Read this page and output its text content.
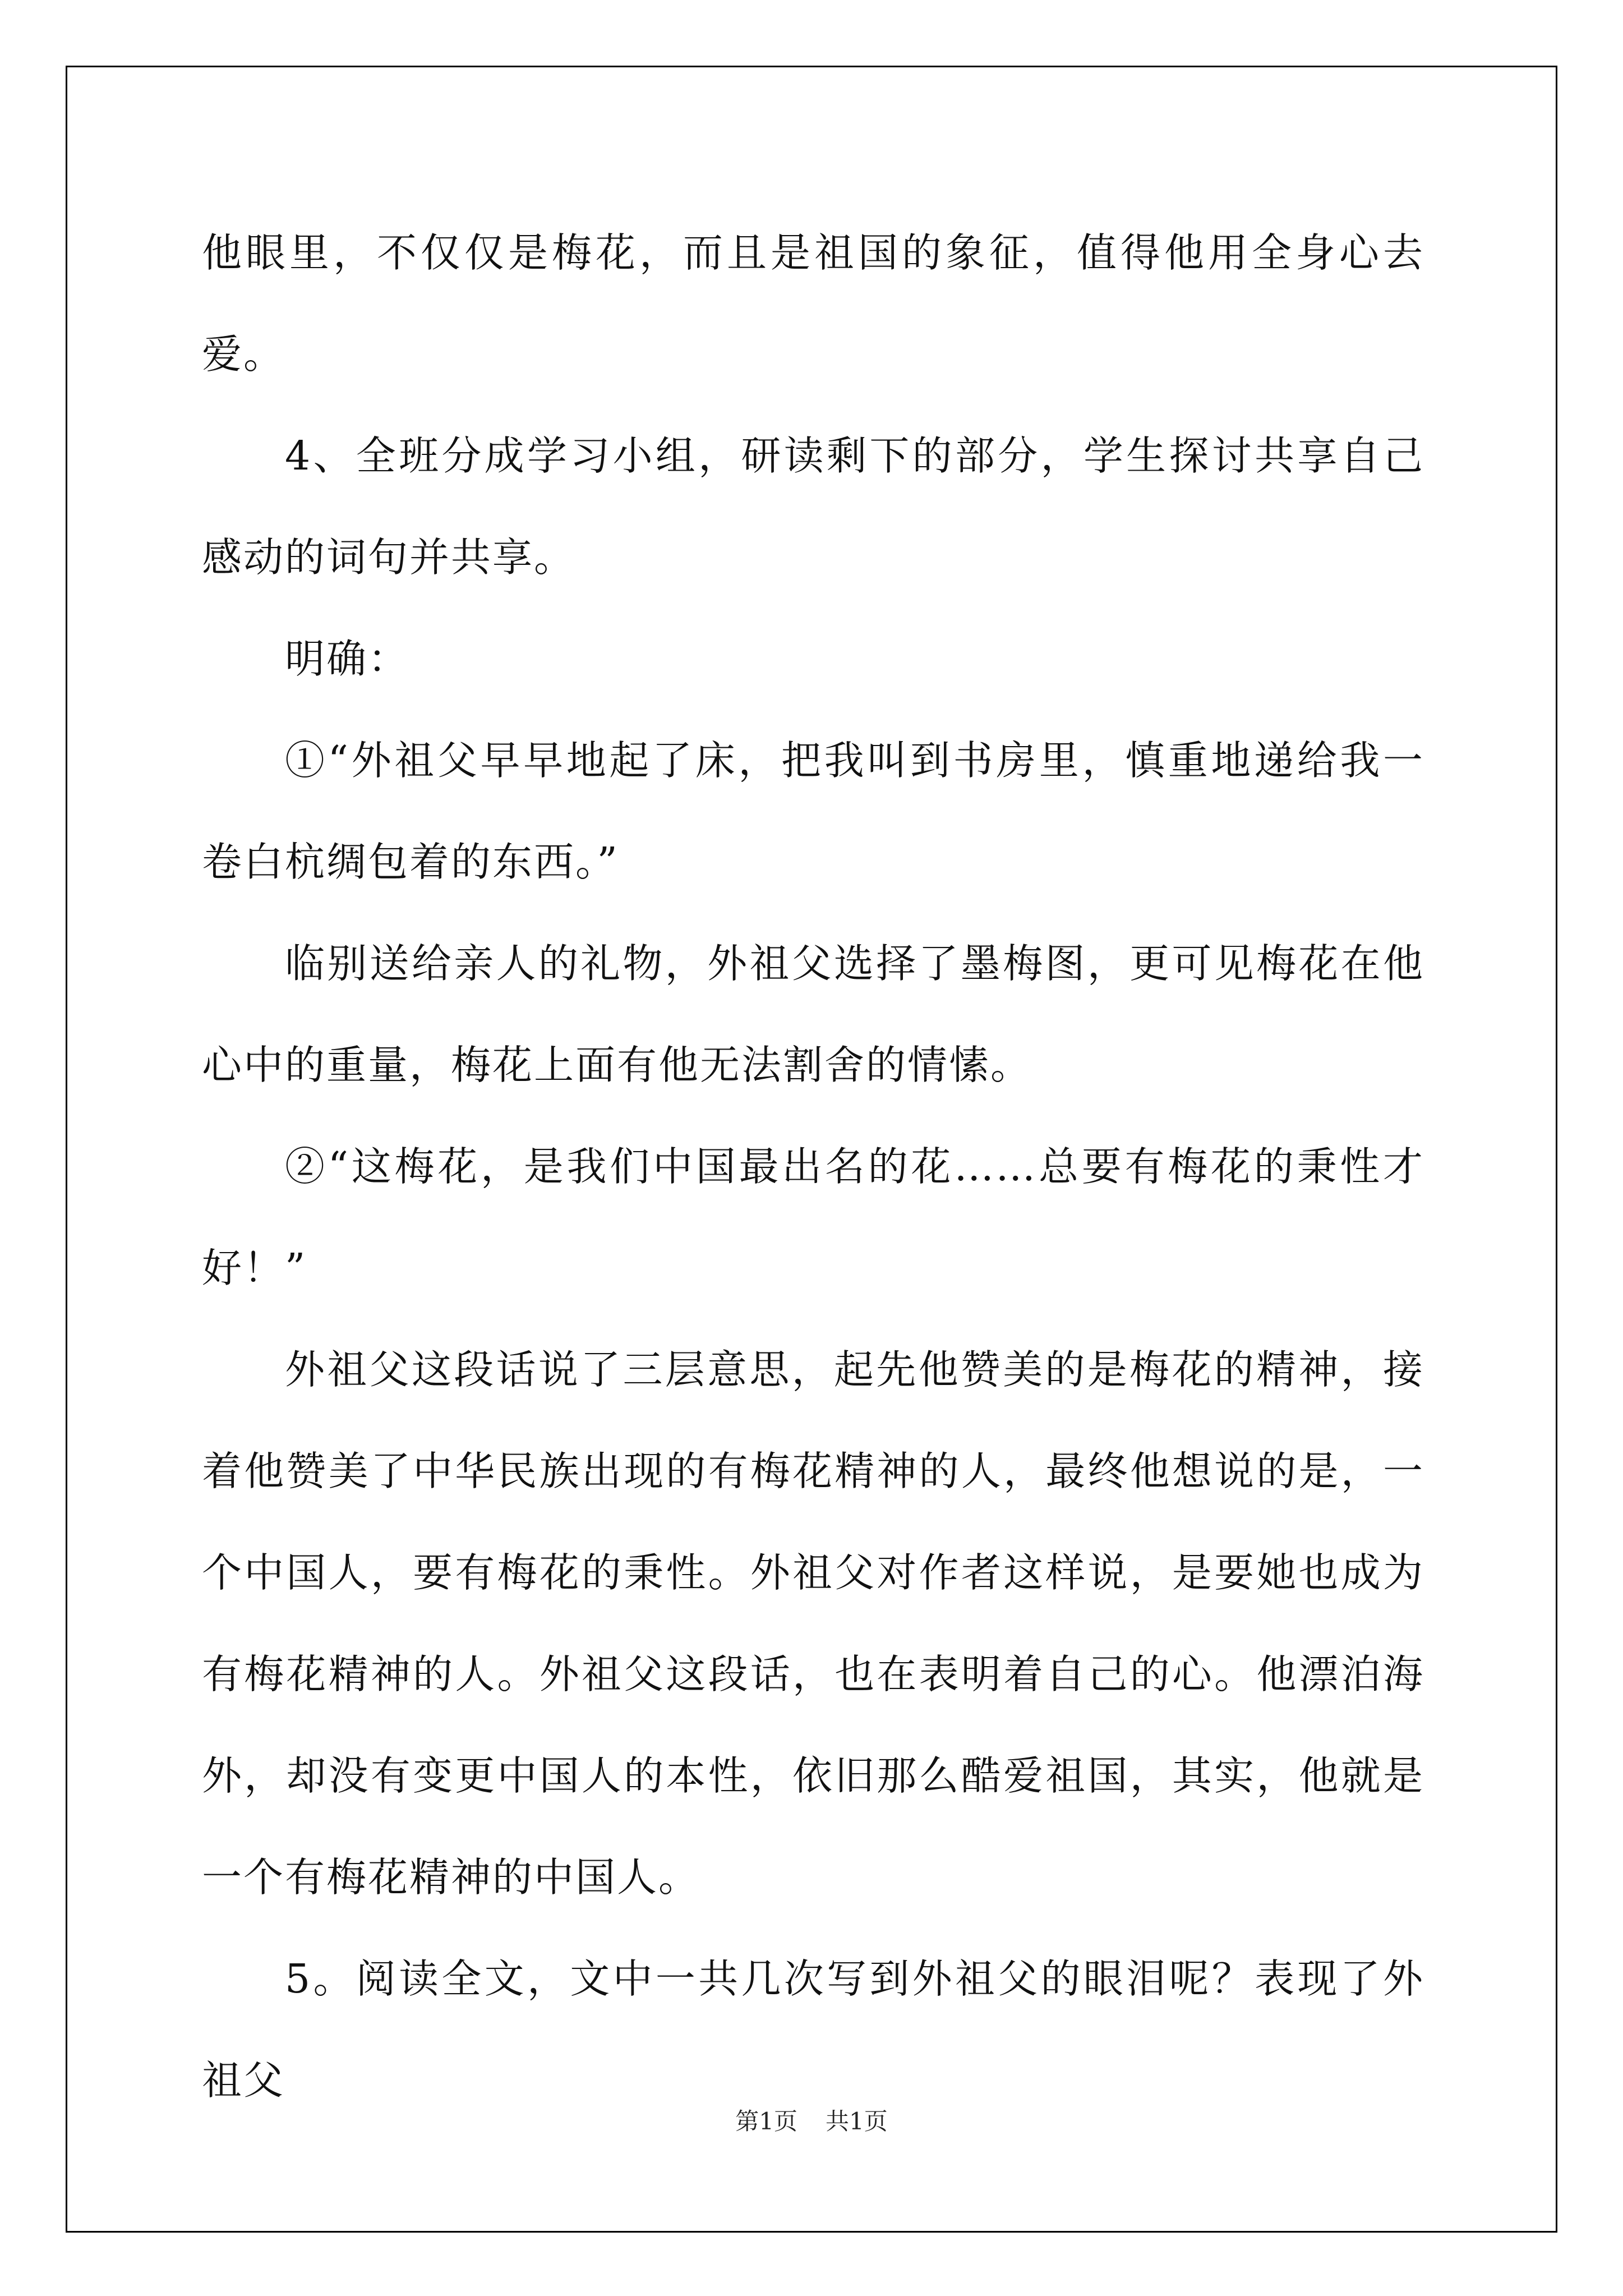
他眼里，不仅仅是梅花，而且是祖国的象征，值得他用全身心去爱。

4、全班分成学习小组，研读剩下的部分，学生探讨共享自己感动的词句并共享。

明确：

①“外祖父早早地起了床，把我叫到书房里，慎重地递给我一卷白杭绸包着的东西。”

临别送给亲人的礼物，外祖父选择了墨梅图，更可见梅花在他心中的重量，梅花上面有他无法割舍的情愫。

②“这梅花，是我们中国最出名的花……总要有梅花的秉性才好！”

外祖父这段话说了三层意思，起先他赞美的是梅花的精神，接着他赞美了中华民族出现的有梅花精神的人，最终他想说的是，一个中国人，要有梅花的秉性。外祖父对作者这样说，是要她也成为有梅花精神的人。外祖父这段话，也在表明着自己的心。他漂泊海外，却没有变更中国人的本性，依旧那么酷爱祖国，其实，他就是一个有梅花精神的中国人。

5。阅读全文，文中一共几次写到外祖父的眼泪呢？表现了外祖父

第1页 共1页
